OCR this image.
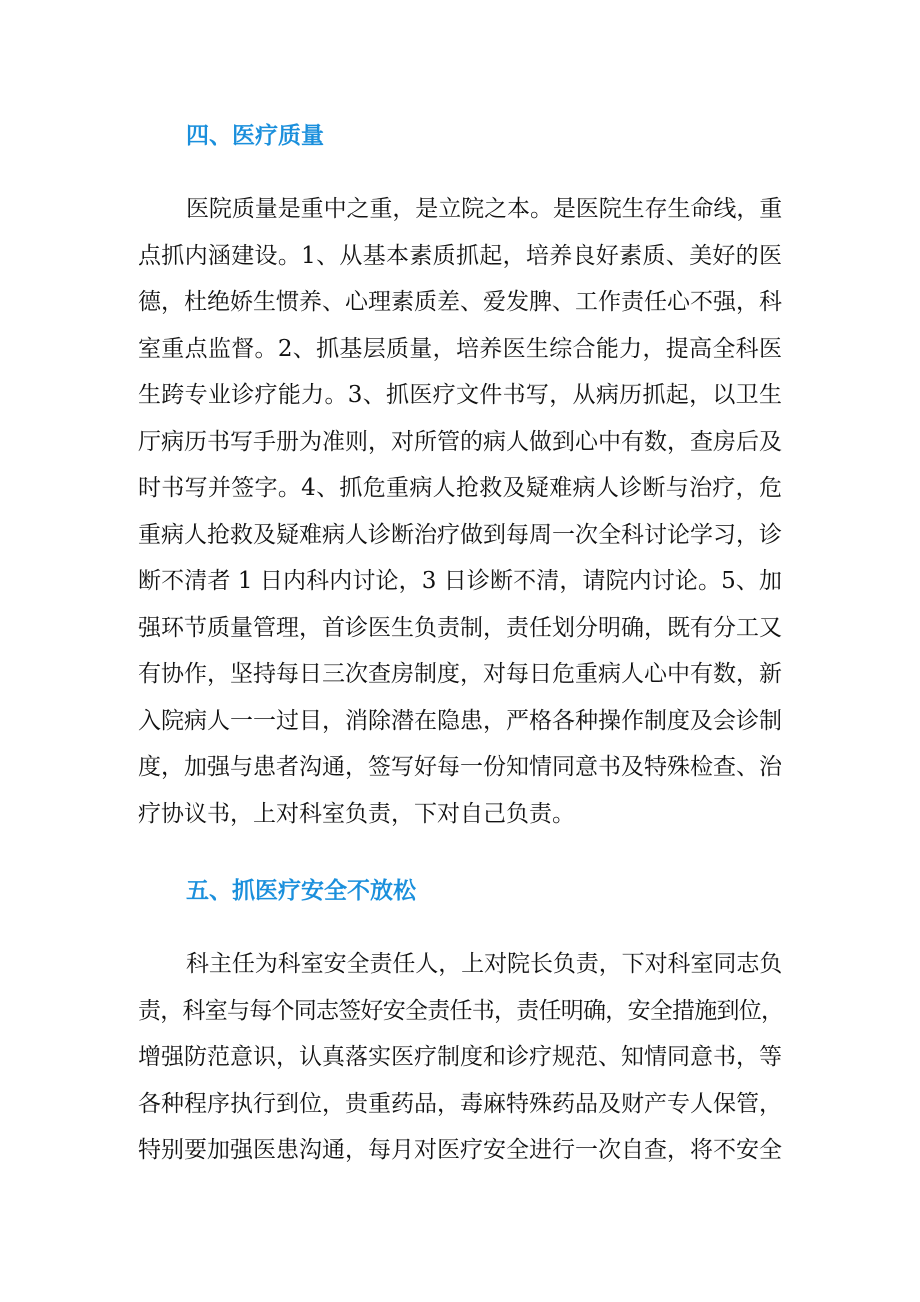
四、医疗质量
医院质量是重中之重，是立院之本。是医院生存生命线，重
点抓内涵建设。1、从基本素质抓起，培养良好素质、美好的医
德，杜绝娇生惯养、心理素质差、爱发脾、工作责任心不强，科
室重点监督。2、抓基层质量，培养医生综合能力，提高全科医
生跨专业诊疗能力。3、抓医疗文件书写，从病历抓起，以卫生
厅病历书写手册为准则，对所管的病人做到心中有数，查房后及
时书写并签字。4、抓危重病人抢救及疑难病人诊断与治疗，危
重病人抢救及疑难病人诊断治疗做到每周一次全科讨论学习，诊
断不清者 1 日内科内讨论，3 日诊断不清，请院内讨论。5、加
强环节质量管理，首诊医生负责制，责任划分明确，既有分工又
有协作，坚持每日三次查房制度，对每日危重病人心中有数，新
入院病人一一过目，消除潜在隐患，严格各种操作制度及会诊制
度，加强与患者沟通，签写好每一份知情同意书及特殊检查、治
疗协议书，上对科室负责，下对自己负责。
五、抓医疗安全不放松
科主任为科室安全责任人，上对院长负责，下对科室同志负
责，科室与每个同志签好安全责任书，责任明确，安全措施到位，
增强防范意识，认真落实医疗制度和诊疗规范、知情同意书，等
各种程序执行到位，贵重药品，毒麻特殊药品及财产专人保管，
特别要加强医患沟通，每月对医疗安全进行一次自查，将不安全
